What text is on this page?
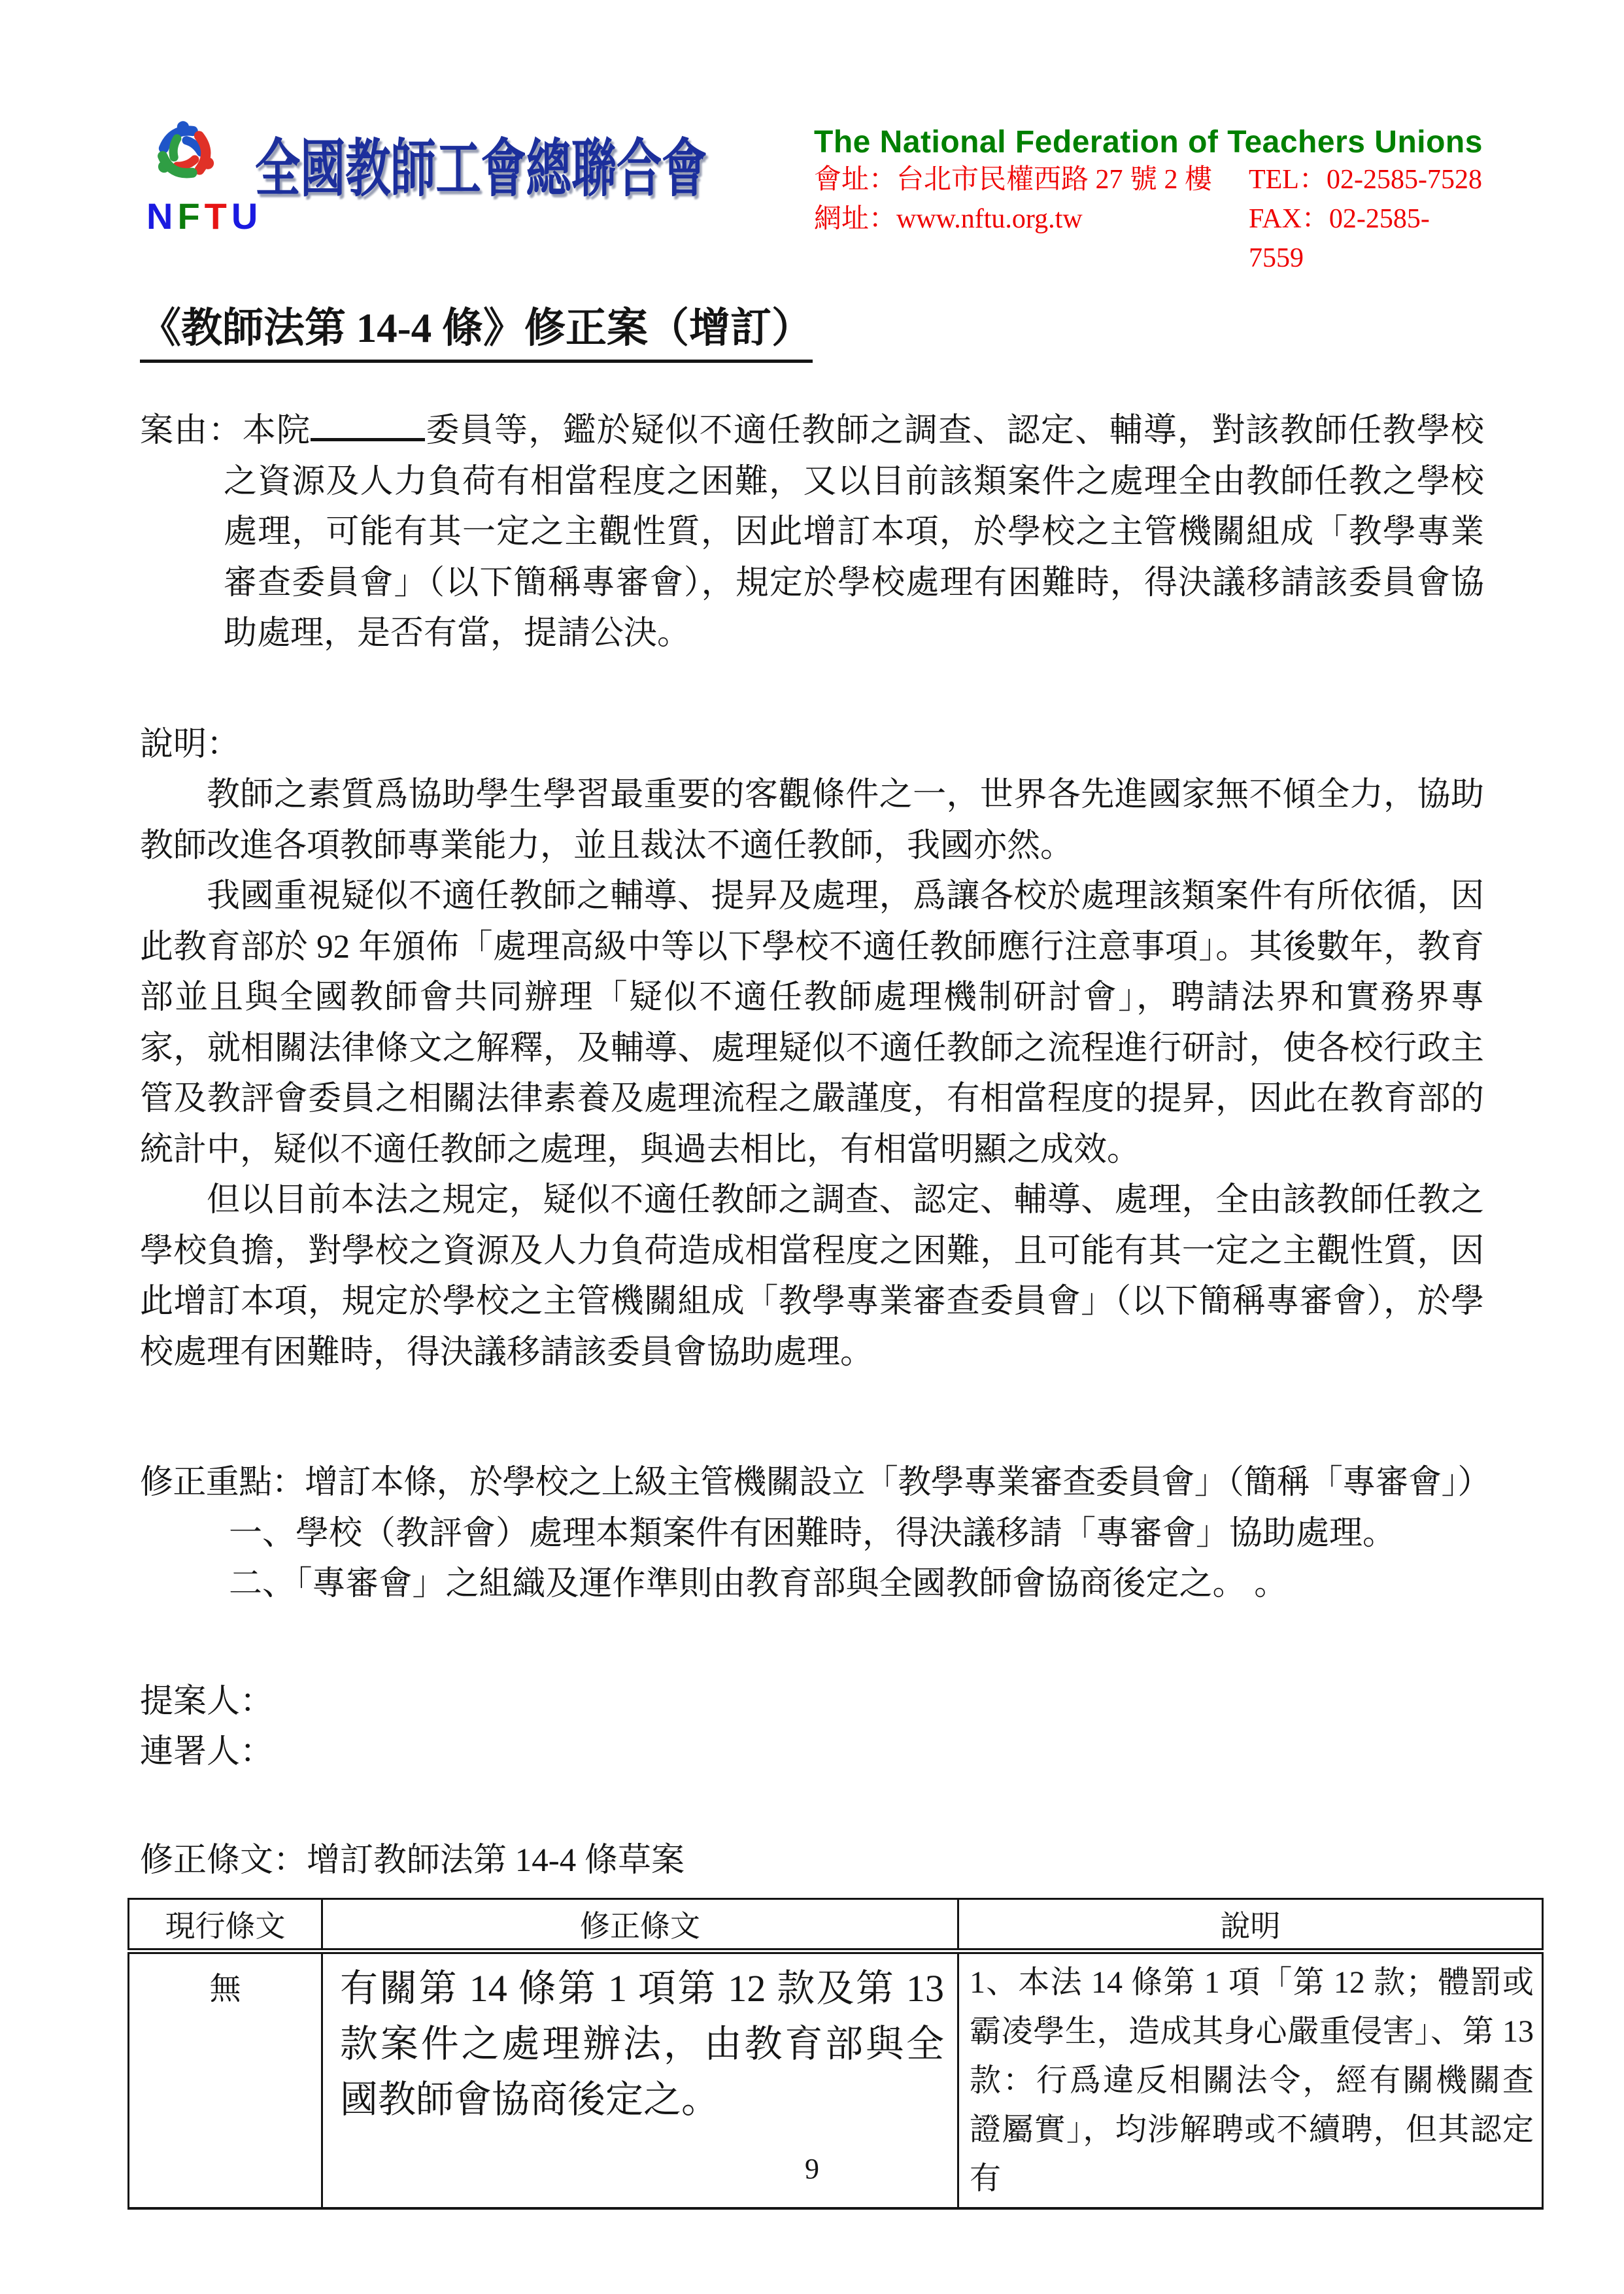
NFTU
全國教師工會總聯合會	The National Federation of Teachers Unions
會址：台北市民權西路 27 號 2 樓 TEL：02-2585-7528
網址：www.nftu.org.tw	FAX：02-2585-7559
《教師法第 14-4 條》修正案（增訂）

案由：本院	委員等，鑑於疑似不適任教師之調查、認定、輔導，對該教師任教學校之資源及人力負荷有相當程度之困難，又以目前該類案件之處理全由教師任教之學校處理，可能有其一定之主觀性質，因此增訂本項，於學校之主管機關組成「教學專業審查委員會」（以下簡稱專審會），規定於學校處理有困難時，得決議移請該委員會協助處理，是否有當，提請公決。

說明：

教師之素質爲協助學生學習最重要的客觀條件之一，世界各先進國家無不傾全力，協助教師改進各項教師專業能力，並且裁汰不適任教師，我國亦然。

我國重視疑似不適任教師之輔導、提昇及處理，爲讓各校於處理該類案件有所依循，因此教育部於 92 年頒佈「處理高級中等以下學校不適任教師應行注意事項」。其後數年，教育部並且與全國教師會共同辦理「疑似不適任教師處理機制研討會」，聘請法界和實務界專家，就相關法律條文之解釋，及輔導、處理疑似不適任教師之流程進行研討，使各校行政主管及教評會委員之相關法律素養及處理流程之嚴謹度，有相當程度的提昇，因此在教育部的統計中，疑似不適任教師之處理，與過去相比，有相當明顯之成效。

但以目前本法之規定，疑似不適任教師之調查、認定、輔導、處理，全由該教師任教之學校負擔，對學校之資源及人力負荷造成相當程度之困難，且可能有其一定之主觀性質，因此增訂本項，規定於學校之主管機關組成「教學專業審查委員會」（以下簡稱專審會），於學校處理有困難時，得決議移請該委員會協助處理。

修正重點：增訂本條，於學校之上級主管機關設立「教學專業審查委員會」（簡稱「專審會」）

一、學校（教評會）處理本類案件有困難時，得決議移請「專審會」協助處理。

二、「專審會」之組織及運作準則由教育部與全國教師會協商後定之。 。

提案人：

連署人：

修正條文：增訂教師法第 14-4 條草案

現行條文	修正條文	說明
無	有關第 14 條第 1 項第 12 款及第 13 款案件之處理辦法，由教育部與全國教師會協商後定之。	1、本法 14 條第 1 項「第 12 款；體罰或霸凌學生，造成其身心嚴重侵害」、第 13 款：行爲違反相關法令，經有關機關查證屬實」，均涉解聘或不續聘，但其認定有
9
